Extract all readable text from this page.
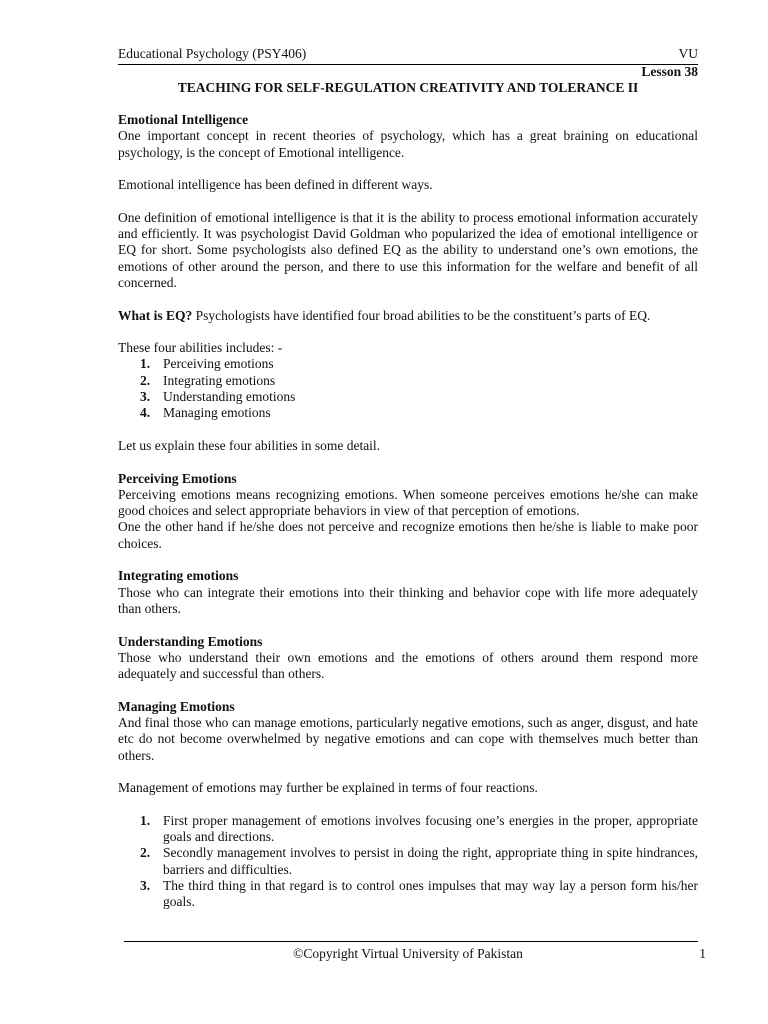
Educational Psychology (PSY406)	VU
Lesson 38
TEACHING FOR SELF-REGULATION CREATIVITY AND TOLERANCE II
Emotional Intelligence

One important concept in recent theories of psychology, which has a great braining on educational psychology, is the concept of Emotional intelligence.

Emotional intelligence has been defined in different ways.

One definition of emotional intelligence is that it is the ability to process emotional information accurately and efficiently. It was psychologist David Goldman who popularized the idea of emotional intelligence or EQ for short. Some psychologists also defined EQ as the ability to understand one’s own emotions, the emotions of other around the person, and there to use this information for the welfare and benefit of all concerned.

What is EQ? Psychologists have identified four broad abilities to be the constituent’s parts of EQ.

These four abilities includes: -

1. Perceiving emotions
2. Integrating emotions
3. Understanding emotions
4. Managing emotions

Let us explain these four abilities in some detail.

Perceiving Emotions

Perceiving emotions means recognizing emotions. When someone perceives emotions he/she can make good choices and select appropriate behaviors in view of that perception of emotions.

One the other hand if he/she does not perceive and recognize emotions then he/she is liable to make poor choices.

Integrating emotions

Those who can integrate their emotions into their thinking and behavior cope with life more adequately than others.

Understanding Emotions

Those who understand their own emotions and the emotions of others around them respond more adequately and successful than others.

Managing Emotions

And final those who can manage emotions, particularly negative emotions, such as anger, disgust, and hate etc do not become overwhelmed by negative emotions and can cope with themselves much better than others.

Management of emotions may further be explained in terms of four reactions.

1. First proper management of emotions involves focusing one’s energies in the proper, appropriate goals and directions.
2. Secondly management involves to persist in doing the right, appropriate thing in spite hindrances, barriers and difficulties.
3. The third thing in that regard is to control ones impulses that may way lay a person form his/her goals.
©Copyright Virtual University of Pakistan	1
